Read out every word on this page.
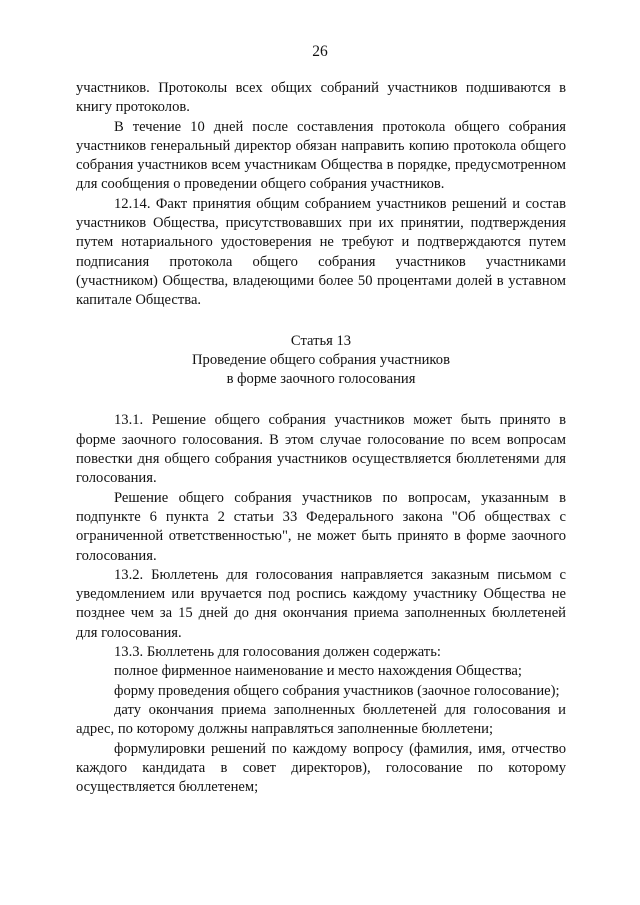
26

участников. Протоколы всех общих собраний участников подшиваются в книгу протоколов.

В течение 10 дней после составления протокола общего собрания участников генеральный директор обязан направить копию протокола общего собрания участников всем участникам Общества в порядке, предусмотренном для сообщения о проведении общего собрания участников.

12.14. Факт принятия общим собранием участников решений и состав участников Общества, присутствовавших при их принятии, подтверждения путем нотариального удостоверения не требуют и подтверждаются путем подписания протокола общего собрания участников участниками (участником) Общества, владеющими более 50 процентами долей в уставном капитале Общества.

Статья 13

Проведение общего собрания участников

в форме заочного голосования

13.1. Решение общего собрания участников может быть принято в форме заочного голосования. В этом случае голосование по всем вопросам повестки дня общего собрания участников осуществляется бюллетенями для голосования.

Решение общего собрания участников по вопросам, указанным в подпункте 6 пункта 2 статьи 33 Федерального закона "Об обществах с ограниченной ответственностью", не может быть принято в форме заочного голосования.

13.2. Бюллетень для голосования направляется заказным письмом с уведомлением или вручается под роспись каждому участнику Общества не позднее чем за 15 дней до дня окончания приема заполненных бюллетеней для голосования.

13.3. Бюллетень для голосования должен содержать:

полное фирменное наименование и место нахождения Общества;

форму проведения общего собрания участников (заочное голосование);

дату окончания приема заполненных бюллетеней для голосования и адрес, по которому должны направляться заполненные бюллетени;

формулировки решений по каждому вопросу (фамилия, имя, отчество каждого кандидата в совет директоров), голосование по которому осуществляется бюллетенем;
